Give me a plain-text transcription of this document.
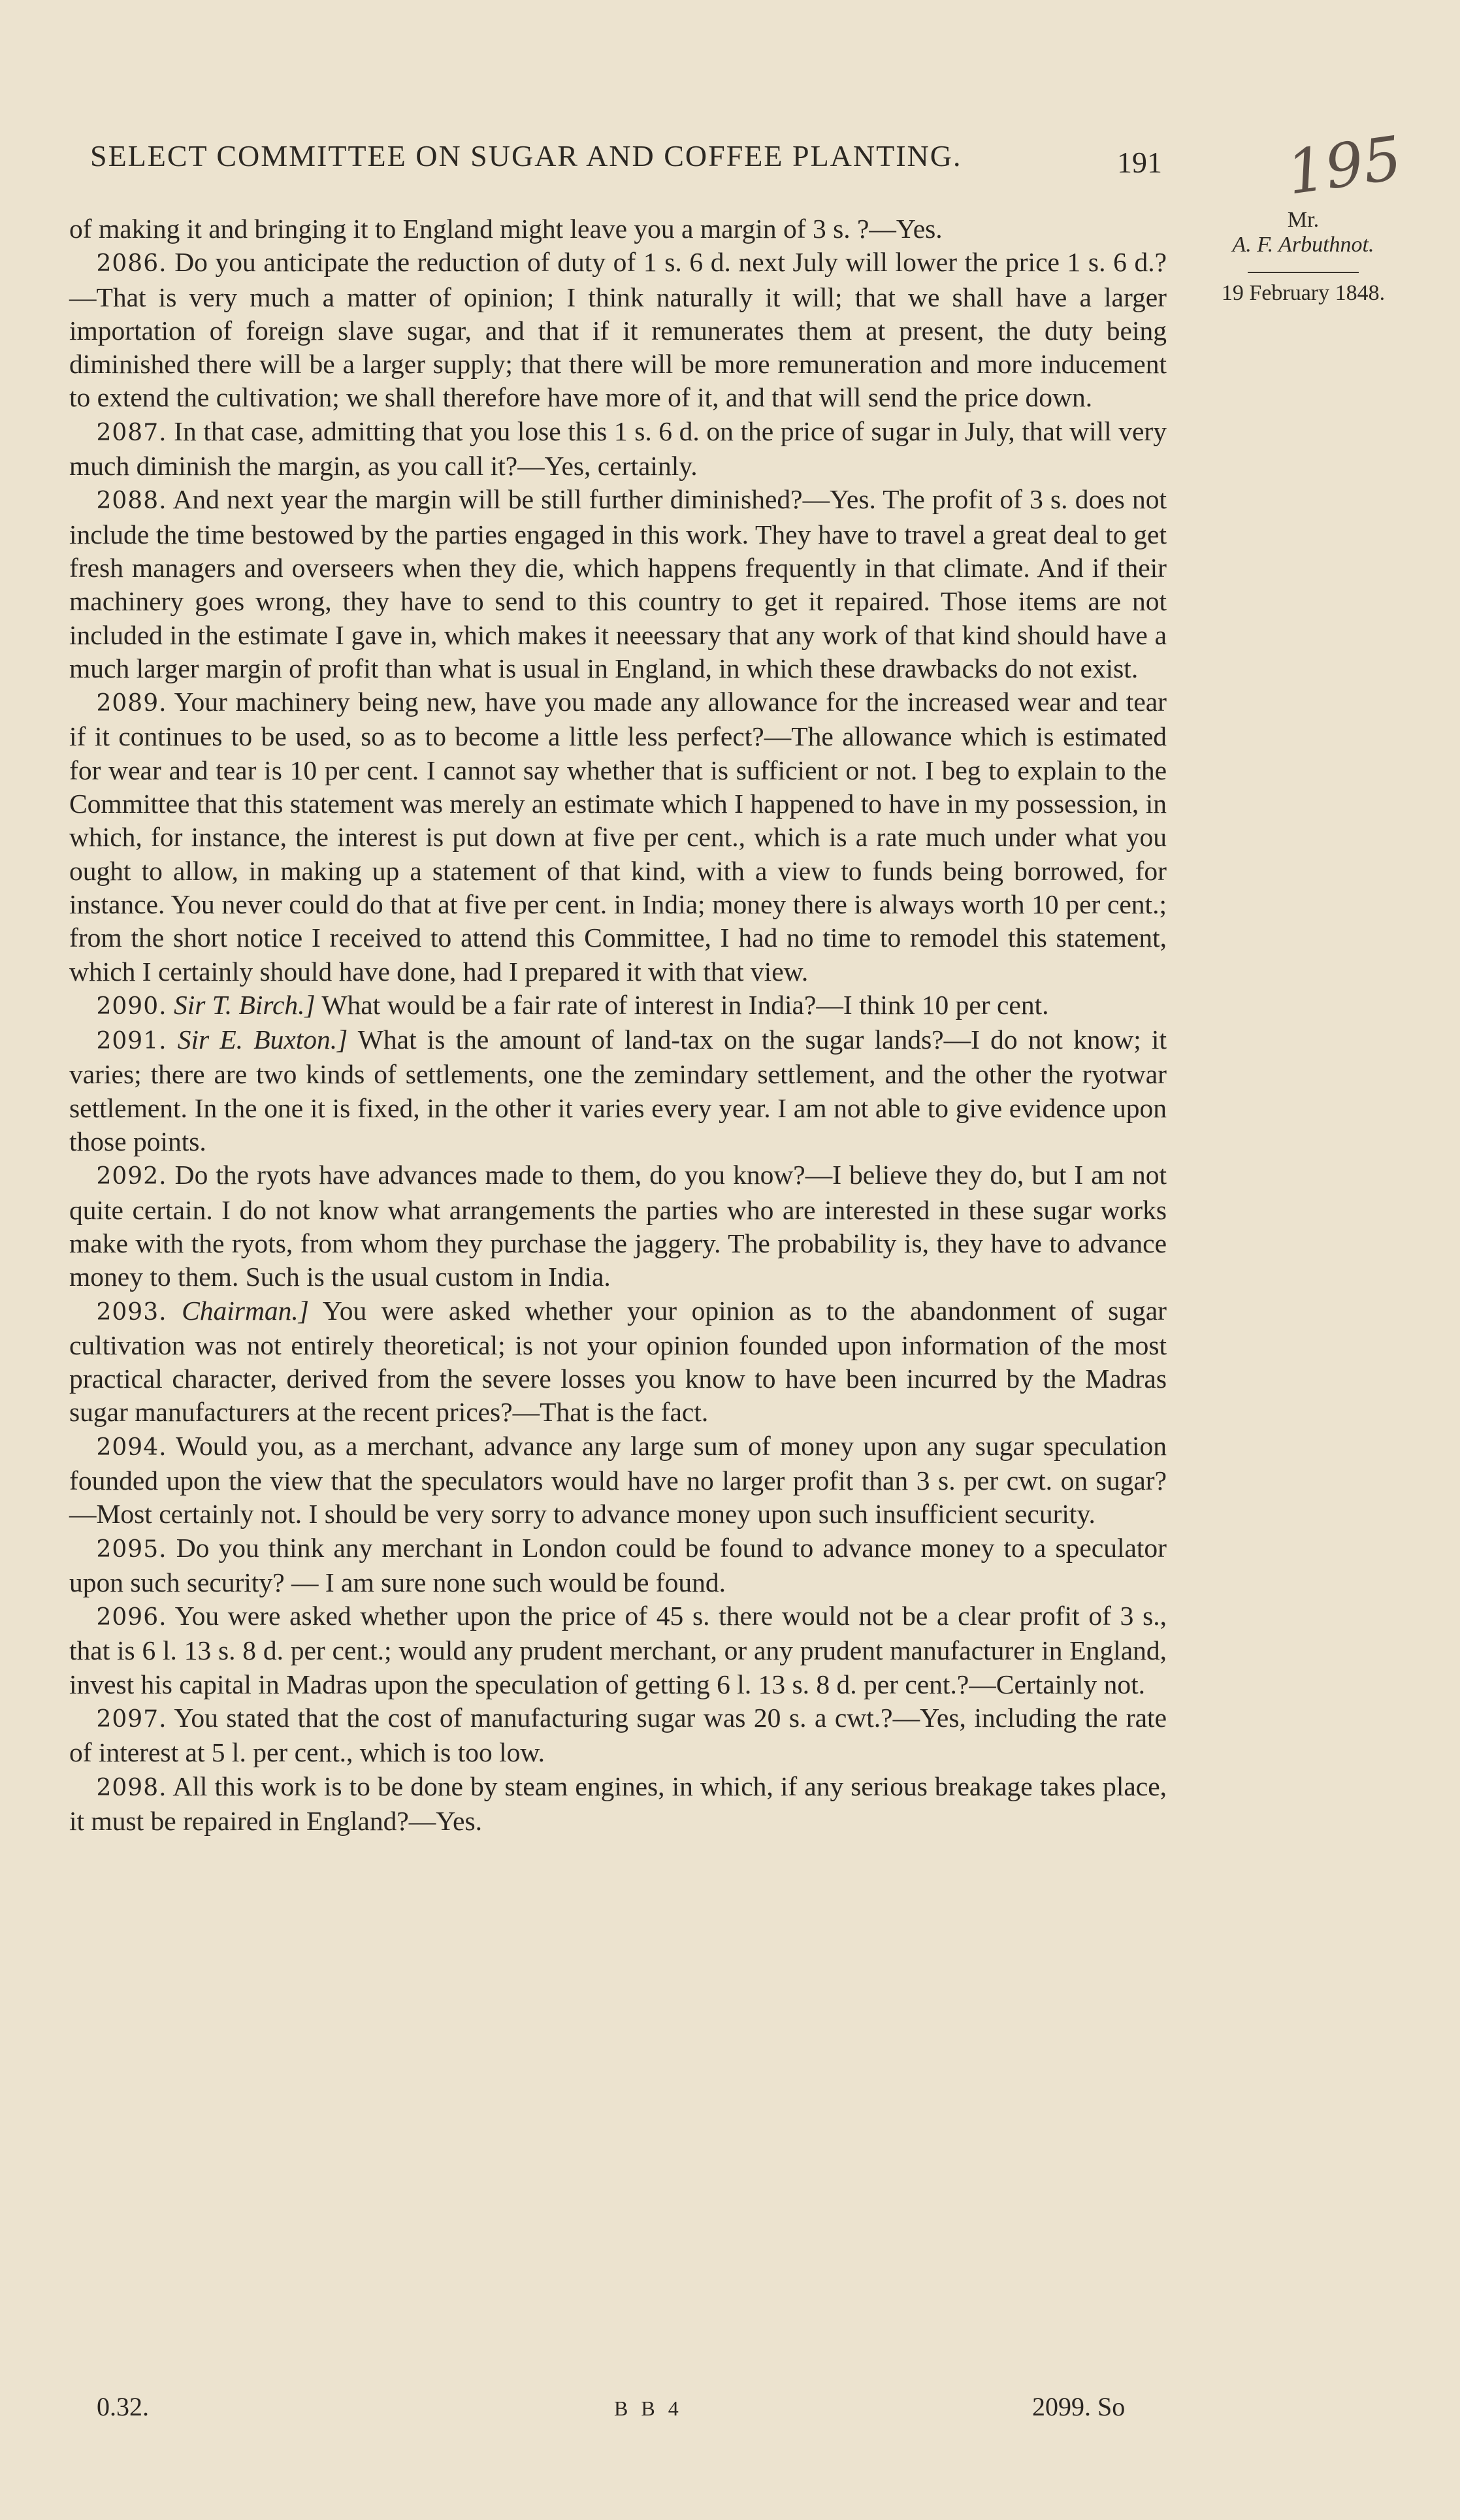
SELECT COMMITTEE ON SUGAR AND COFFEE PLANTING.	191 195
Mr.
A. F. Arbuthnot.
19 February 1848.

of making it and bringing it to England might leave you a margin of 3 s. ?—Yes.

 2086. Do you anticipate the reduction of duty of 1 s. 6 d. next July will lower the price 1 s. 6 d.?—That is very much a matter of opinion; I think naturally it will; that we shall have a larger importation of foreign slave sugar, and that if it remunerates them at present, the duty being diminished there will be a larger supply; that there will be more remuneration and more inducement to extend the cultivation; we shall therefore have more of it, and that will send the price down.

 2087. In that case, admitting that you lose this 1 s. 6 d. on the price of sugar in July, that will very much diminish the margin, as you call it?—Yes, certainly.

 2088. And next year the margin will be still further diminished?—Yes. The profit of 3 s. does not include the time bestowed by the parties engaged in this work. They have to travel a great deal to get fresh managers and overseers when they die, which happens frequently in that climate. And if their machinery goes wrong, they have to send to this country to get it repaired. Those items are not included in the estimate I gave in, which makes it neeessary that any work of that kind should have a much larger margin of profit than what is usual in England, in which these drawbacks do not exist.

 2089. Your machinery being new, have you made any allowance for the increased wear and tear if it continues to be used, so as to become a little less perfect?—The allowance which is estimated for wear and tear is 10 per cent. I cannot say whether that is sufficient or not. I beg to explain to the Committee that this statement was merely an estimate which I happened to have in my possession, in which, for instance, the interest is put down at five per cent., which is a rate much under what you ought to allow, in making up a statement of that kind, with a view to funds being borrowed, for instance. You never could do that at five per cent. in India; money there is always worth 10 per cent.; from the short notice I received to attend this Committee, I had no time to remodel this statement, which I certainly should have done, had I prepared it with that view.

 2090. Sir T. Birch.] What would be a fair rate of interest in India?—I think 10 per cent.

 2091. Sir E. Buxton.] What is the amount of land-tax on the sugar lands?—I do not know; it varies; there are two kinds of settlements, one the zemindary settlement, and the other the ryotwar settlement. In the one it is fixed, in the other it varies every year. I am not able to give evidence upon those points.

 2092. Do the ryots have advances made to them, do you know?—I believe they do, but I am not quite certain. I do not know what arrangements the parties who are interested in these sugar works make with the ryots, from whom they purchase the jaggery. The probability is, they have to advance money to them. Such is the usual custom in India.

 2093. Chairman.] You were asked whether your opinion as to the abandonment of sugar cultivation was not entirely theoretical; is not your opinion founded upon information of the most practical character, derived from the severe losses you know to have been incurred by the Madras sugar manufacturers at the recent prices?—That is the fact.

 2094. Would you, as a merchant, advance any large sum of money upon any sugar speculation founded upon the view that the speculators would have no larger profit than 3 s. per cwt. on sugar?—Most certainly not. I should be very sorry to advance money upon such insufficient security.

 2095. Do you think any merchant in London could be found to advance money to a speculator upon such security? — I am sure none such would be found.

 2096. You were asked whether upon the price of 45 s. there would not be a clear profit of 3 s., that is 6 l. 13 s. 8 d. per cent.; would any prudent merchant, or any prudent manufacturer in England, invest his capital in Madras upon the speculation of getting 6 l. 13 s. 8 d. per cent.?—Certainly not.

 2097. You stated that the cost of manufacturing sugar was 20 s. a cwt.?—Yes, including the rate of interest at 5 l. per cent., which is too low.

 2098. All this work is to be done by steam engines, in which, if any serious breakage takes place, it must be repaired in England?—Yes.

0.32.	B B 4	2099. So
